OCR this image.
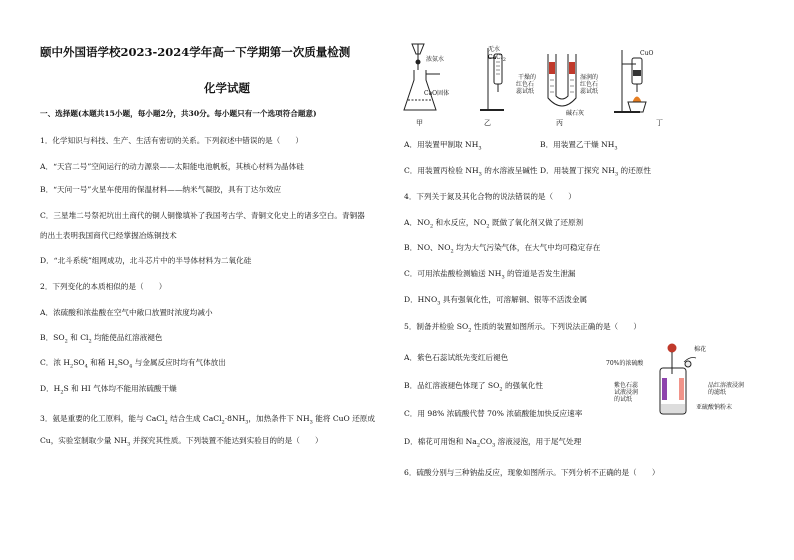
颐中外国语学校2023-2024学年高一下学期第一次质量检测
化学试题
一、选择题(本题共15小题，每小题2分，共30分。每小题只有一个选项符合题意)
1．化学知识与科技、生产、生活有密切的关系。下列叙述中错误的是（　　）
A．“天宫二号”空间运行的动力源泉——太阳能电池帆板，其核心材料为晶体硅
B．“天问一号”火星车使用的保温材料——纳米气凝胶，具有丁达尔效应
C．三星堆二号祭祀坑出土商代的铜人铜像填补了我国考古学、青铜文化史上的诸多空白。青铜器
的出土表明我国商代已经掌握冶炼铜技术
D．“北斗系统”组网成功，北斗芯片中的半导体材料为二氧化硅
2．下列变化的本质相似的是（　　）
A．浓硫酸和浓盐酸在空气中敞口放置时浓度均减小
B．$SO_2$ 和 $Cl_2$ 均能使品红溶液褪色
C．浓 $H_2SO_4$ 和稀 $H_2SO_4$ 与金属反应时均有气体放出
D．$H_2S$ 和 HI 气体均不能用浓硫酸干燥
3．氨是重要的化工原料，能与 CaCl$_2$ 结合生成 $CaCl_2\cdot 8NH_3$，加热条件下 $NH_3$ 能将 CuO 还原成
Cu，实验室制取少量 $NH_3$ 并探究其性质。下列装置不能达到实验目的的是（　　）
浓氨水
CaO固体
无水
CaCl$_2$
干燥的
红色石
蕊试纸
湿润的
红色石
蕊试纸
碱石灰
CuO
甲	乙	丙	丁
A．用装置甲制取 $NH_3$	B．用装置乙干燥 $NH_3$
C．用装置丙检验 $NH_3$ 的水溶液呈碱性 D．用装置丁探究 $NH_3$ 的还原性
4．下列关于氮及其化合物的说法错误的是（　　）
A．$NO_2$ 和水反应，$NO_2$ 既做了氧化剂又做了还原剂
B．NO、$NO_2$ 均为大气污染气体，在大气中均可稳定存在
C．可用浓盐酸检测输送 $NH_3$ 的管道是否发生泄漏
D．$HNO_3$ 具有强氧化性，可溶解铜、银等不活泼金属
5．制备并检验 $SO_2$ 性质的装置如图所示。下列说法正确的是（　　）
A．紫色石蕊试纸先变红后褪色
B．品红溶液褪色体现了 $SO_2$ 的强氧化性
C．用 98% 浓硫酸代替 70% 浓硫酸能加快反应速率
D．棉花可用饱和 $Na_2CO_3$ 溶液浸泡，用于尾气处理
棉花
70%的浓硫酸
紫色石蕊
试液浸润
的试纸
品红溶液浸润
的滤纸
亚硫酸钠粉末
6．硫酸分别与三种钠盐反应，现象如图所示。下列分析不正确的是（　　）
